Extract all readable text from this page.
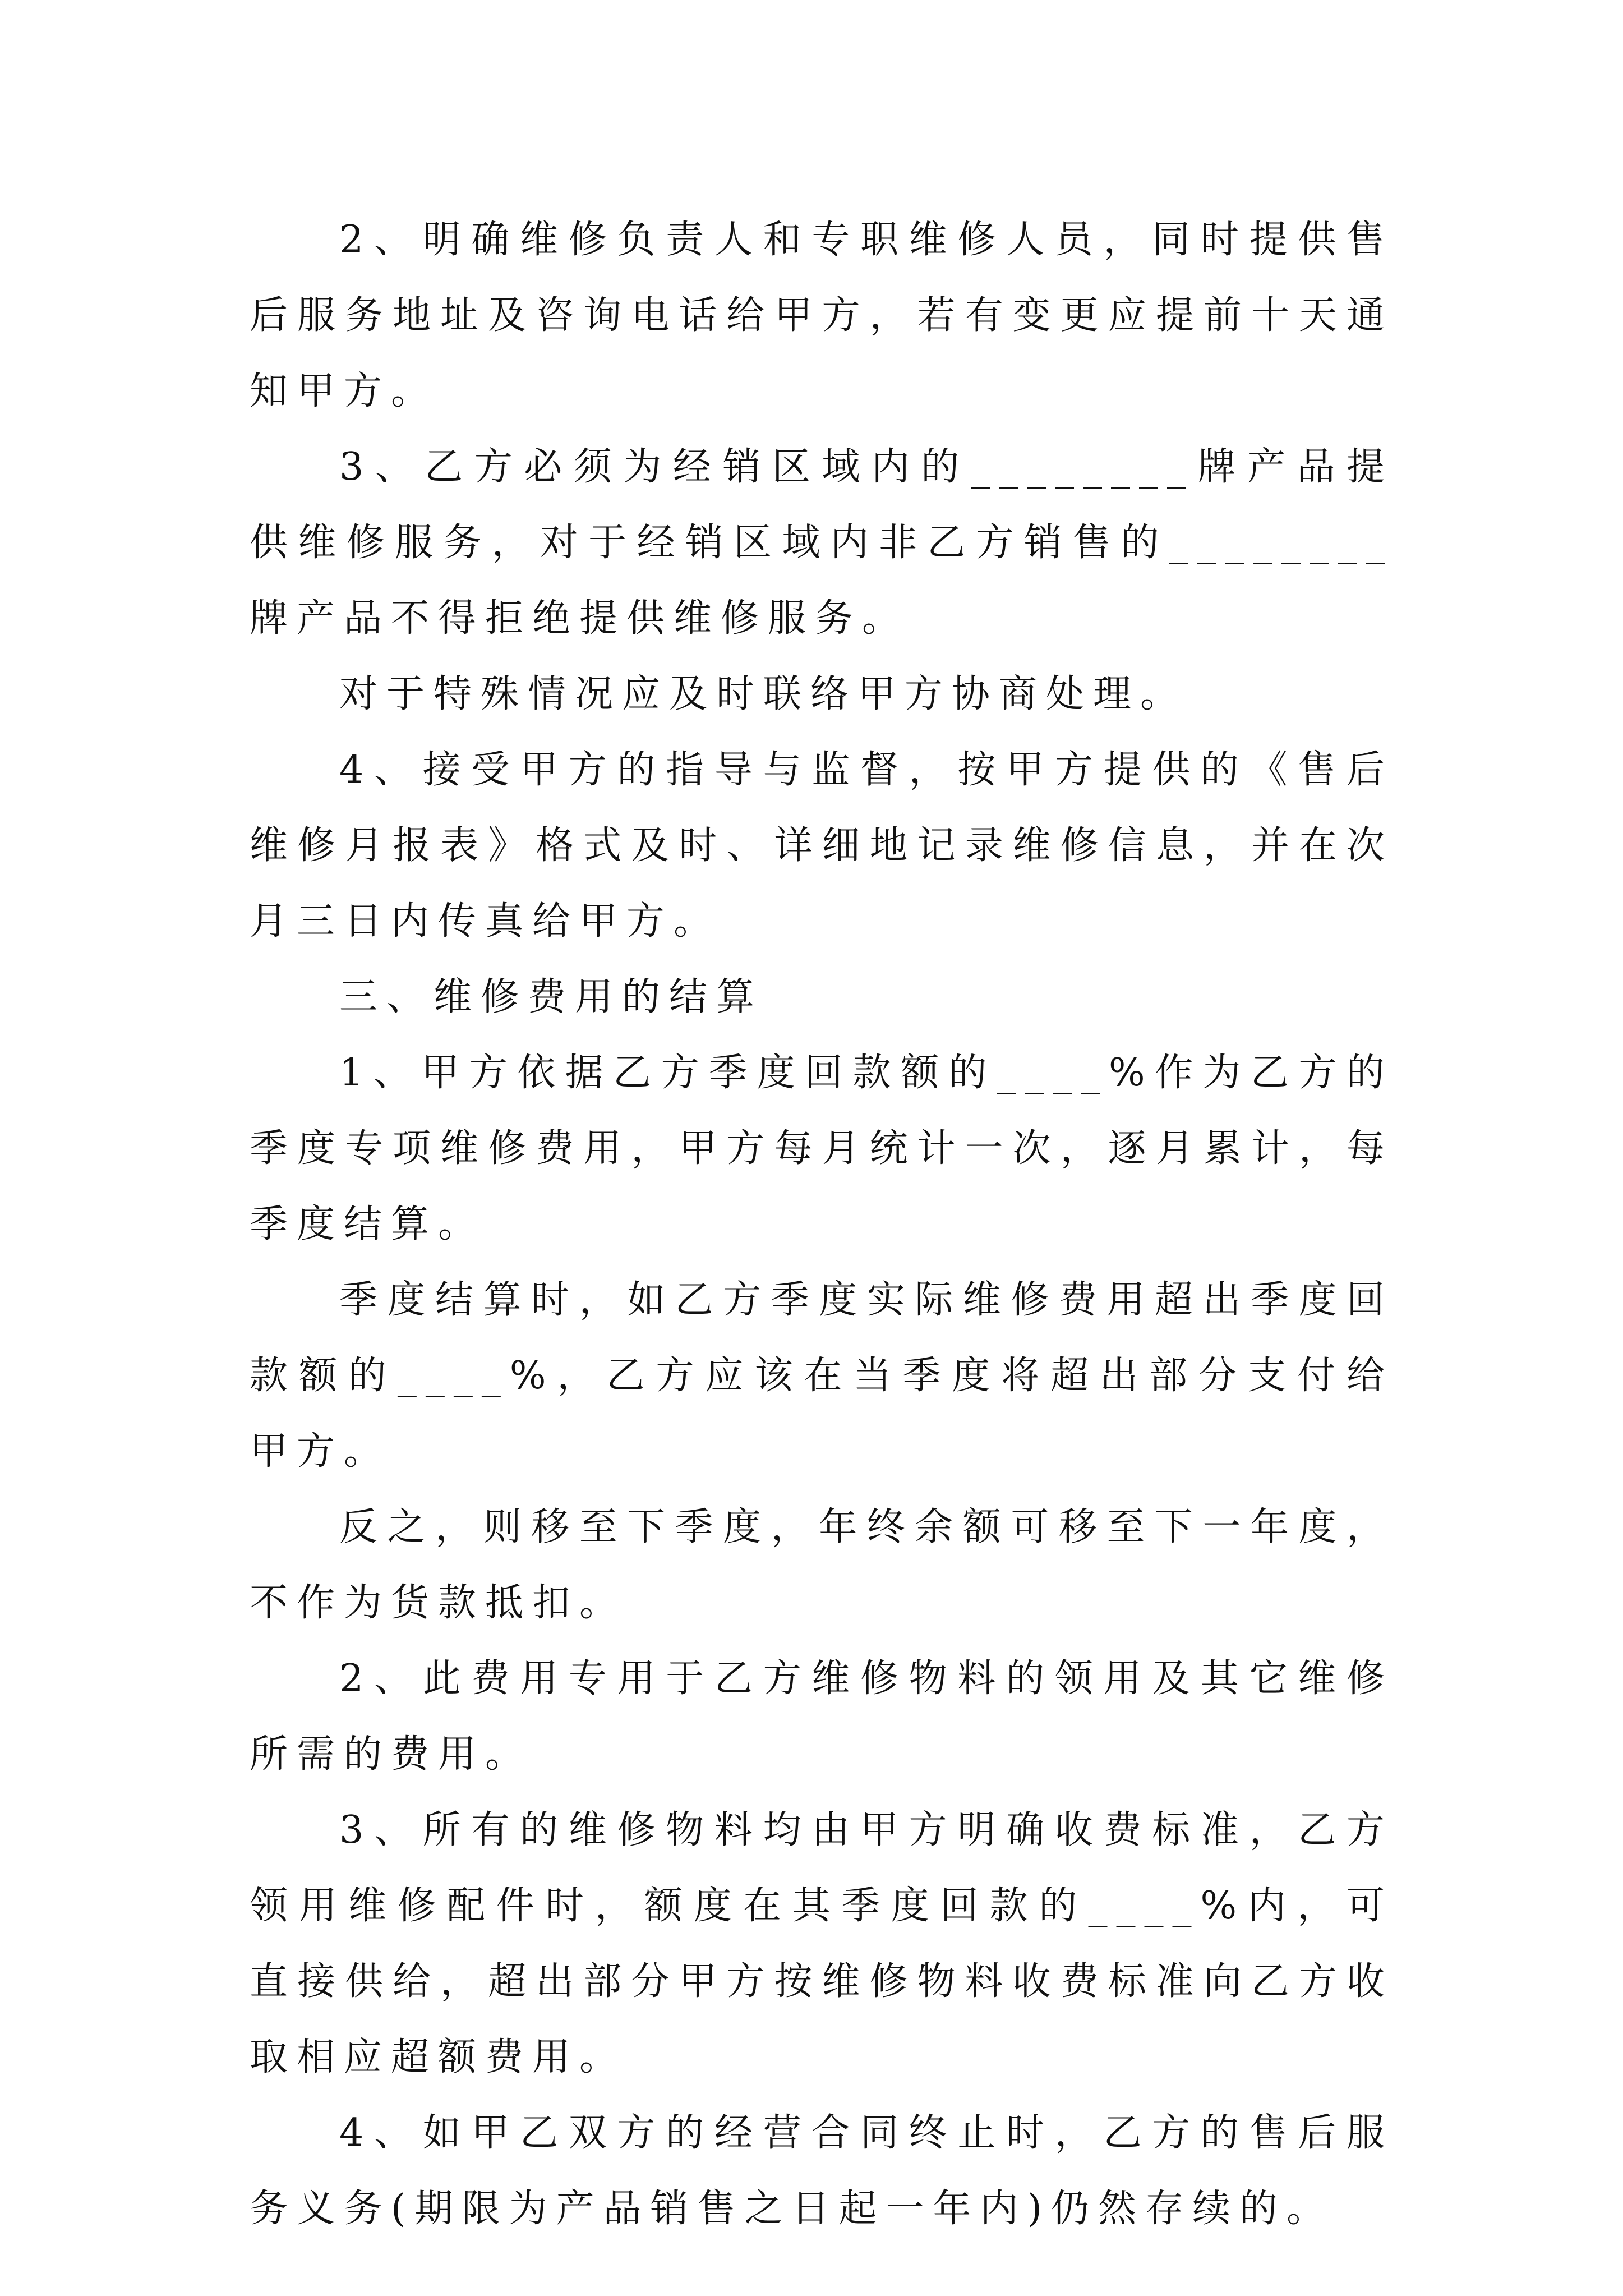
2、明确维修负责人和专职维修人员，同时提供售后服务地址及咨询电话给甲方，若有变更应提前十天通知甲方。

3、乙方必须为经销区域内的________牌产品提供维修服务，对于经销区域内非乙方销售的________牌产品不得拒绝提供维修服务。

对于特殊情况应及时联络甲方协商处理。

4、接受甲方的指导与监督，按甲方提供的《售后维修月报表》格式及时、详细地记录维修信息，并在次月三日内传真给甲方。

三、维修费用的结算

1、甲方依据乙方季度回款额的____%作为乙方的季度专项维修费用，甲方每月统计一次，逐月累计，每季度结算。

季度结算时，如乙方季度实际维修费用超出季度回款额的____%，乙方应该在当季度将超出部分支付给甲方。

反之，则移至下季度，年终余额可移至下一年度，不作为货款抵扣。

2、此费用专用于乙方维修物料的领用及其它维修所需的费用。

3、所有的维修物料均由甲方明确收费标准，乙方领用维修配件时，额度在其季度回款的____%内，可直接供给，超出部分甲方按维修物料收费标准向乙方收取相应超额费用。

4、如甲乙双方的经营合同终止时，乙方的售后服务义务(期限为产品销售之日起一年内)仍然存续的。
